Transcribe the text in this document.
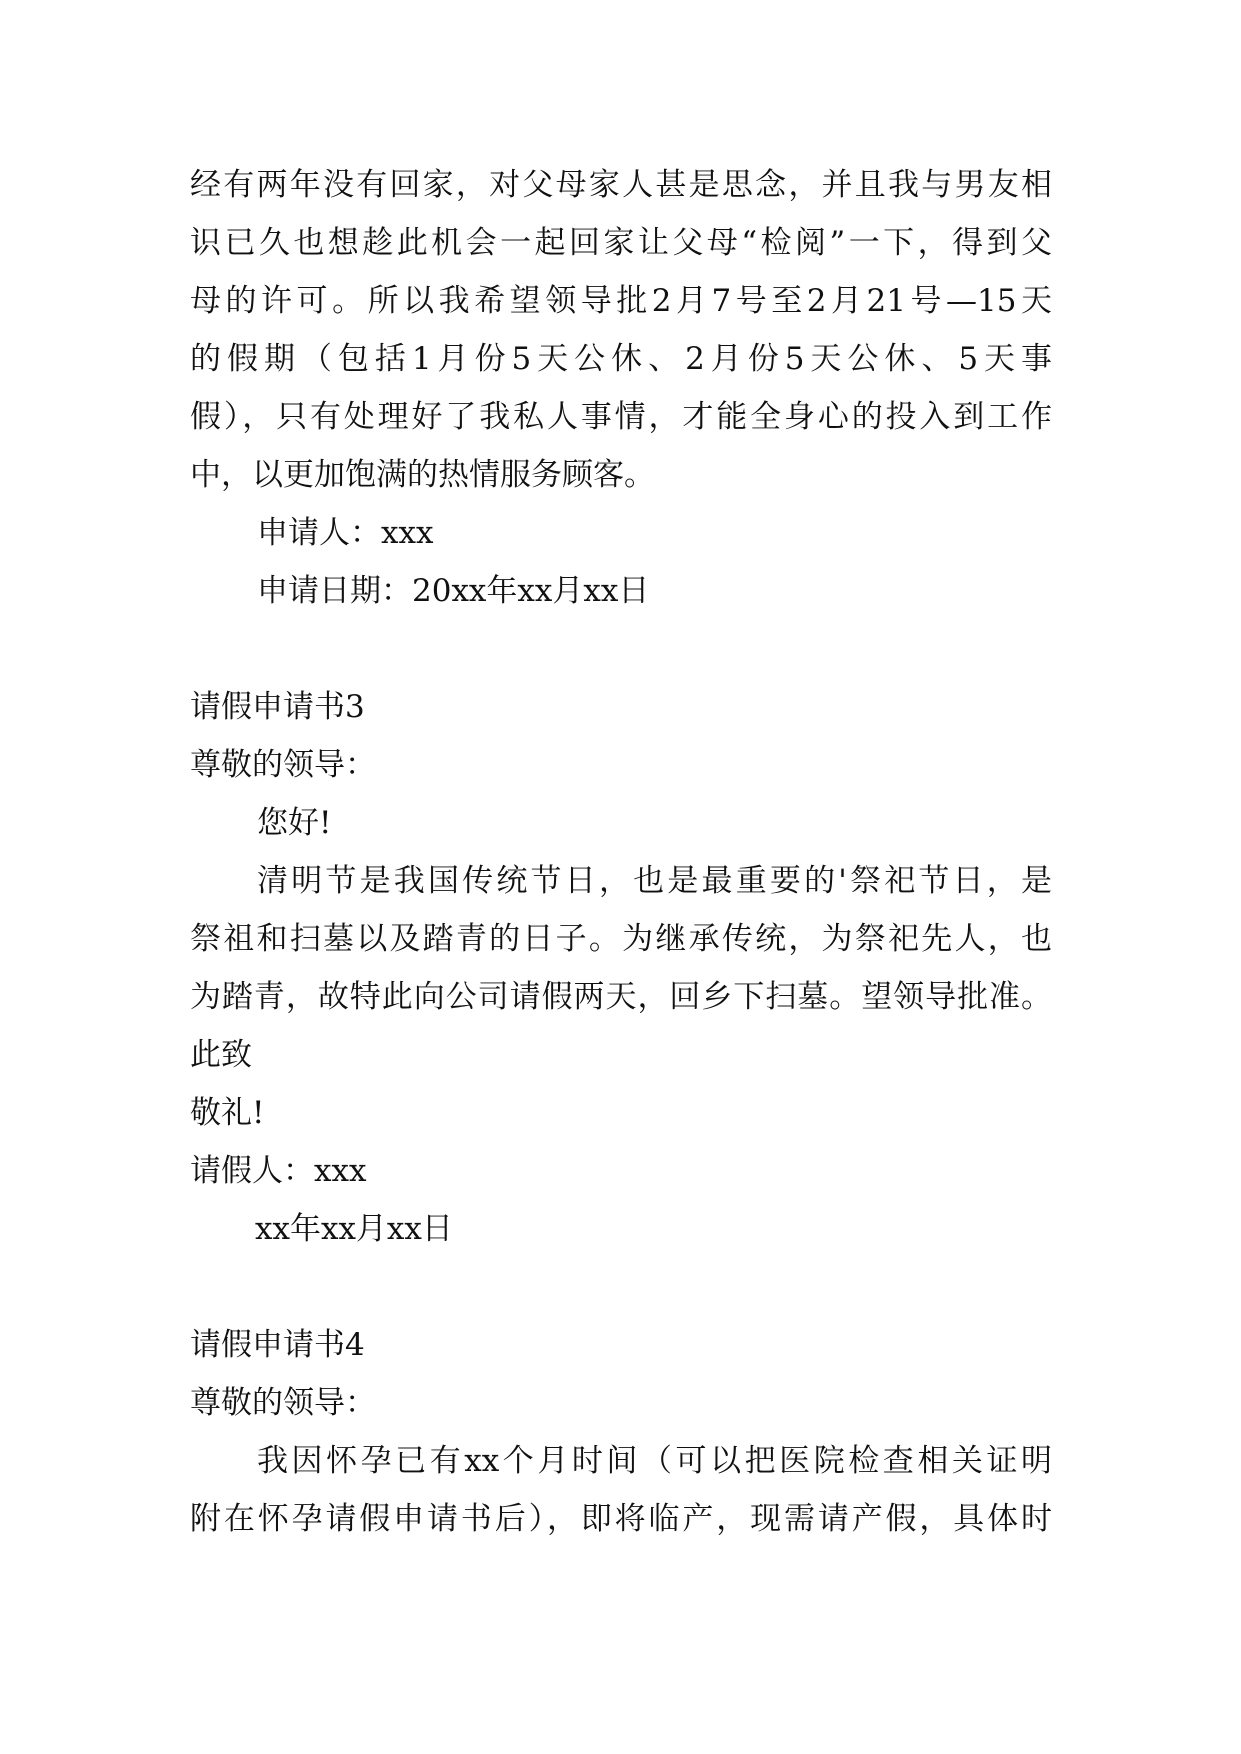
经有两年没有回家，对父母家人甚是思念，并且我与男友相
识已久也想趁此机会一起回家让父母“检阅”一下，得到父
母的许可。所以我希望领导批2月7号至2月21号—15天
的假期（包括1月份5天公休、2月份5天公休、5天事
假），只有处理好了我私人事情，才能全身心的投入到工作
中，以更加饱满的热情服务顾客。
申请人：xxx
申请日期：20xx年xx月xx日
请假申请书3
尊敬的领导：
您好!
清明节是我国传统节日，也是最重要的'祭祀节日，是
祭祖和扫墓以及踏青的日子。为继承传统，为祭祀先人，也
为踏青，故特此向公司请假两天，回乡下扫墓。望领导批准。
此致
敬礼!
请假人：xxx
xx年xx月xx日
请假申请书4
尊敬的领导：
我因怀孕已有xx个月时间（可以把医院检查相关证明
附在怀孕请假申请书后），即将临产，现需请产假，具体时
